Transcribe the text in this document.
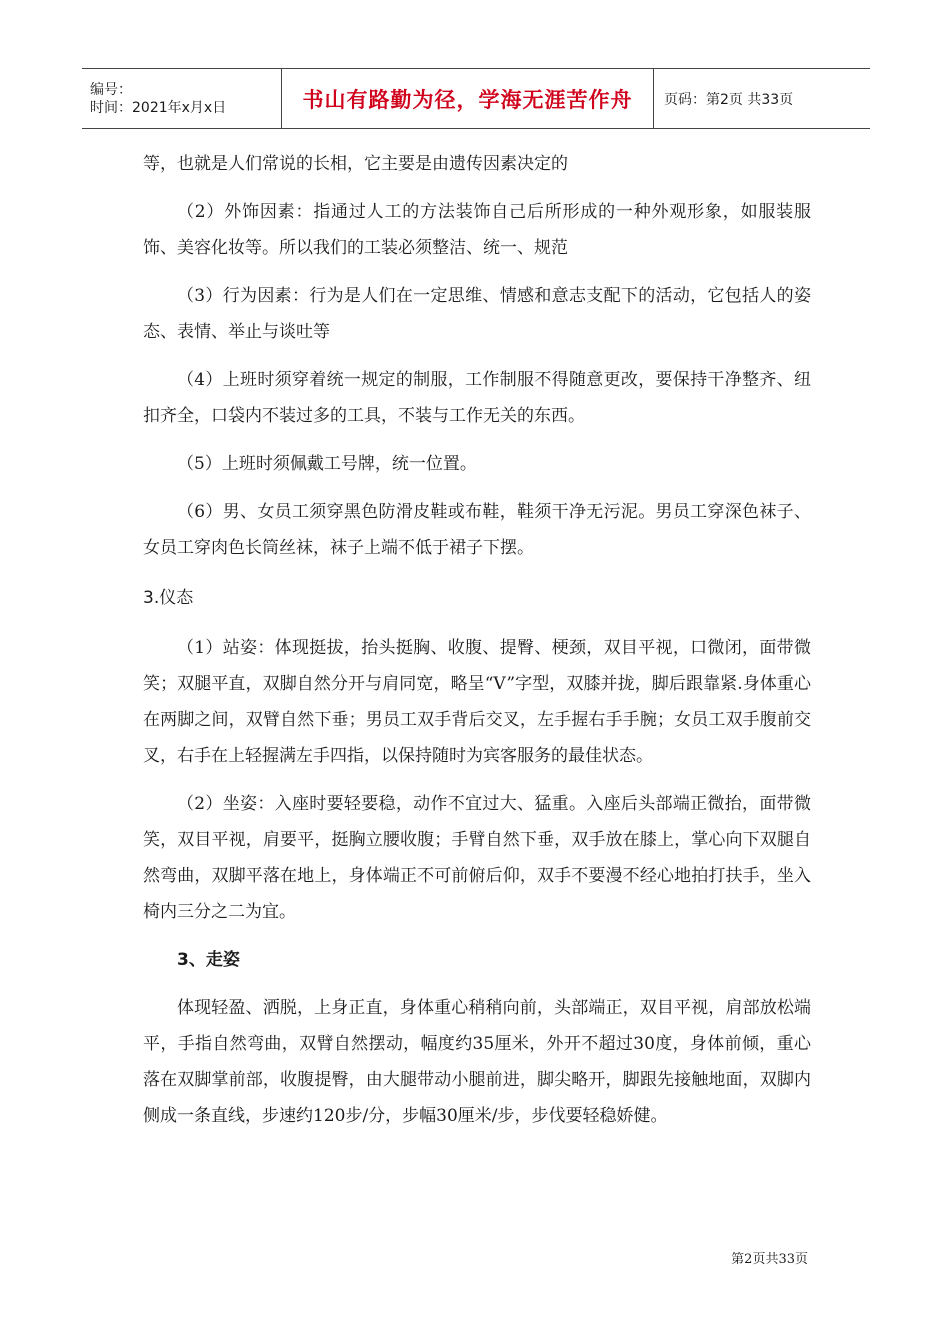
编号：
时间：2021年x月x日	书山有路勤为径，学海无涯苦作舟	页码：第2页 共33页

等，也就是人们常说的长相，它主要是由遗传因素决定的

（2）外饰因素：指通过人工的方法装饰自己后所形成的一种外观形象，如服装服饰、美容化妆等。所以我们的工装必须整洁、统一、规范

（3）行为因素：行为是人们在一定思维、情感和意志支配下的活动，它包括人的姿态、表情、举止与谈吐等

（4）上班时须穿着统一规定的制服，工作制服不得随意更改，要保持干净整齐、纽扣齐全，口袋内不装过多的工具，不装与工作无关的东西。

（5）上班时须佩戴工号牌，统一位置。

（6）男、女员工须穿黑色防滑皮鞋或布鞋，鞋须干净无污泥。男员工穿深色袜子、女员工穿肉色长筒丝袜，袜子上端不低于裙子下摆。

3.仪态

（1）站姿：体现挺拔，抬头挺胸、收腹、提臀、梗颈，双目平视，口微闭，面带微笑；双腿平直，双脚自然分开与肩同宽，略呈“V”字型，双膝并拢，脚后跟靠紧.身体重心在两脚之间，双臂自然下垂；男员工双手背后交叉，左手握右手手腕；女员工双手腹前交叉，右手在上轻握满左手四指，以保持随时为宾客服务的最佳状态。

（2）坐姿：入座时要轻要稳，动作不宜过大、猛重。入座后头部端正微抬，面带微笑，双目平视，肩要平，挺胸立腰收腹；手臂自然下垂，双手放在膝上，掌心向下双腿自然弯曲，双脚平落在地上，身体端正不可前俯后仰，双手不要漫不经心地拍打扶手，坐入椅内三分之二为宜。

3、走姿

体现轻盈、洒脱，上身正直，身体重心稍稍向前，头部端正，双目平视，肩部放松端平，手指自然弯曲，双臂自然摆动，幅度约35厘米，外开不超过30度，身体前倾，重心落在双脚掌前部，收腹提臀，由大腿带动小腿前进，脚尖略开，脚跟先接触地面，双脚内侧成一条直线，步速约120步/分，步幅30厘米/步，步伐要轻稳娇健。

第2页共33页
